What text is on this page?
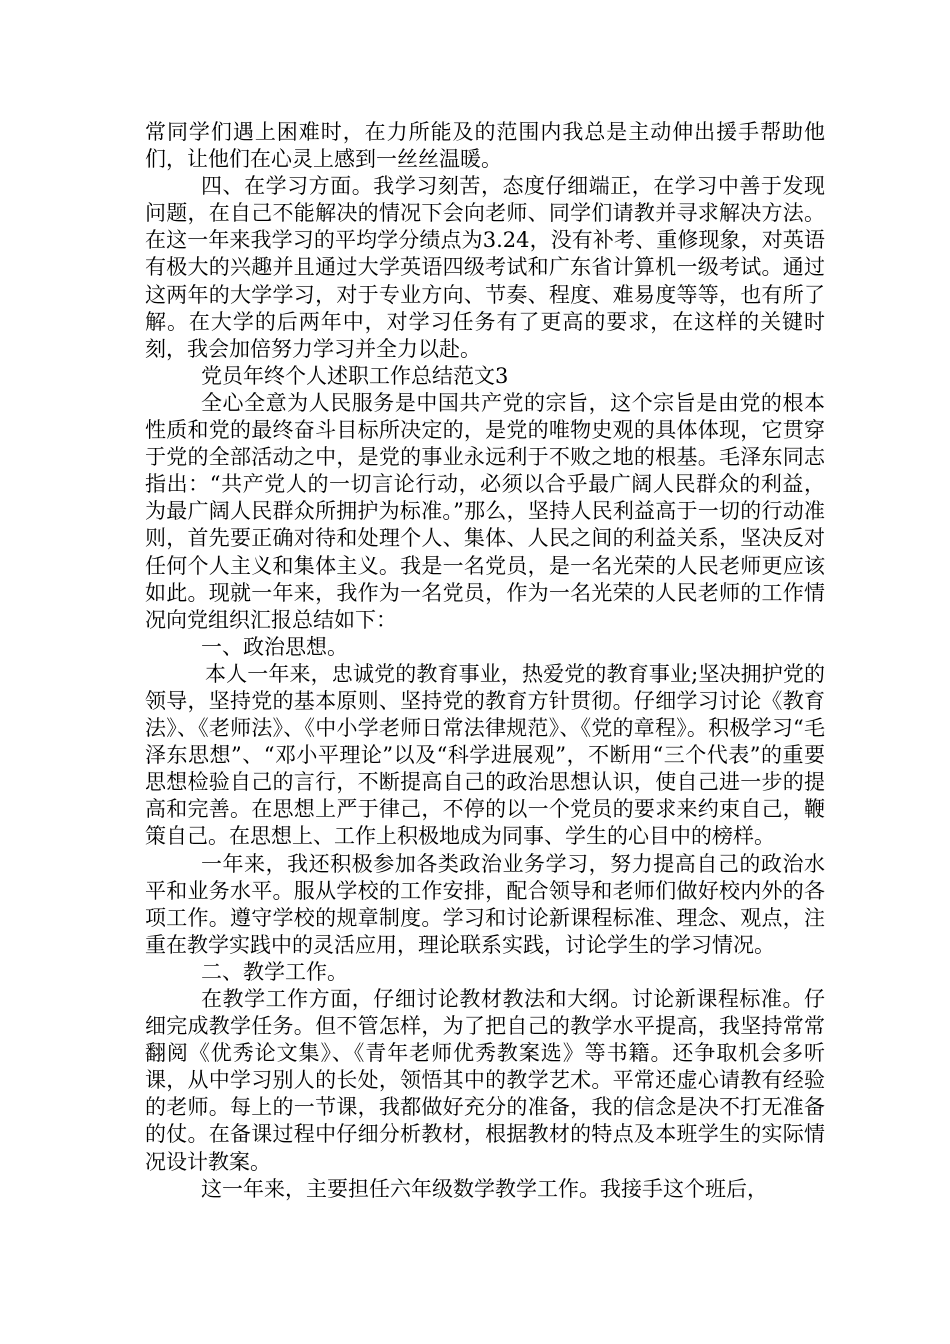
常同学们遇上困难时，在力所能及的范围内我总是主动伸出援手帮助他们，让他们在心灵上感到一丝丝温暖。

四、在学习方面。我学习刻苦，态度仔细端正，在学习中善于发现问题，在自己不能解决的情况下会向老师、同学们请教并寻求解决方法。在这一年来我学习的平均学分绩点为3.24，没有补考、重修现象，对英语有极大的兴趣并且通过大学英语四级考试和广东省计算机一级考试。通过这两年的大学学习，对于专业方向、节奏、程度、难易度等等，也有所了解。在大学的后两年中，对学习任务有了更高的要求，在这样的关键时刻，我会加倍努力学习并全力以赴。

党员年终个人述职工作总结范文3

全心全意为人民服务是中国共产党的宗旨，这个宗旨是由党的根本性质和党的最终奋斗目标所决定的，是党的唯物史观的具体体现，它贯穿于党的全部活动之中，是党的事业永远利于不败之地的根基。毛泽东同志指出：“共产党人的一切言论行动，必须以合乎最广阔人民群众的利益，为最广阔人民群众所拥护为标准。”那么，坚持人民利益高于一切的行动准则，首先要正确对待和处理个人、集体、人民之间的利益关系，坚决反对任何个人主义和集体主义。我是一名党员，是一名光荣的人民老师更应该如此。现就一年来，我作为一名党员，作为一名光荣的人民老师的工作情况向党组织汇报总结如下：

一、政治思想。

本人一年来，忠诚党的教育事业，热爱党的教育事业;坚决拥护党的领导，坚持党的基本原则、坚持党的教育方针贯彻。仔细学习讨论《教育法》、《老师法》、《中小学老师日常法律规范》、《党的章程》。积极学习“毛泽东思想”、“邓小平理论”以及“科学进展观”，不断用“三个代表”的重要思想检验自己的言行，不断提高自己的政治思想认识，使自己进一步的提高和完善。在思想上严于律己，不停的以一个党员的要求来约束自己，鞭策自己。在思想上、工作上积极地成为同事、学生的心目中的榜样。

一年来，我还积极参加各类政治业务学习，努力提高自己的政治水平和业务水平。服从学校的工作安排，配合领导和老师们做好校内外的各项工作。遵守学校的规章制度。学习和讨论新课程标准、理念、观点，注重在教学实践中的灵活应用，理论联系实践，讨论学生的学习情况。

二、教学工作。

在教学工作方面，仔细讨论教材教法和大纲。讨论新课程标准。仔细完成教学任务。但不管怎样，为了把自己的教学水平提高，我坚持常常翻阅《优秀论文集》、《青年老师优秀教案选》等书籍。还争取机会多听课，从中学习别人的长处，领悟其中的教学艺术。平常还虚心请教有经验的老师。每上的一节课，我都做好充分的准备，我的信念是决不打无准备的仗。在备课过程中仔细分析教材，根据教材的特点及本班学生的实际情况设计教案。

这一年来，主要担任六年级数学教学工作。我接手这个班后，
